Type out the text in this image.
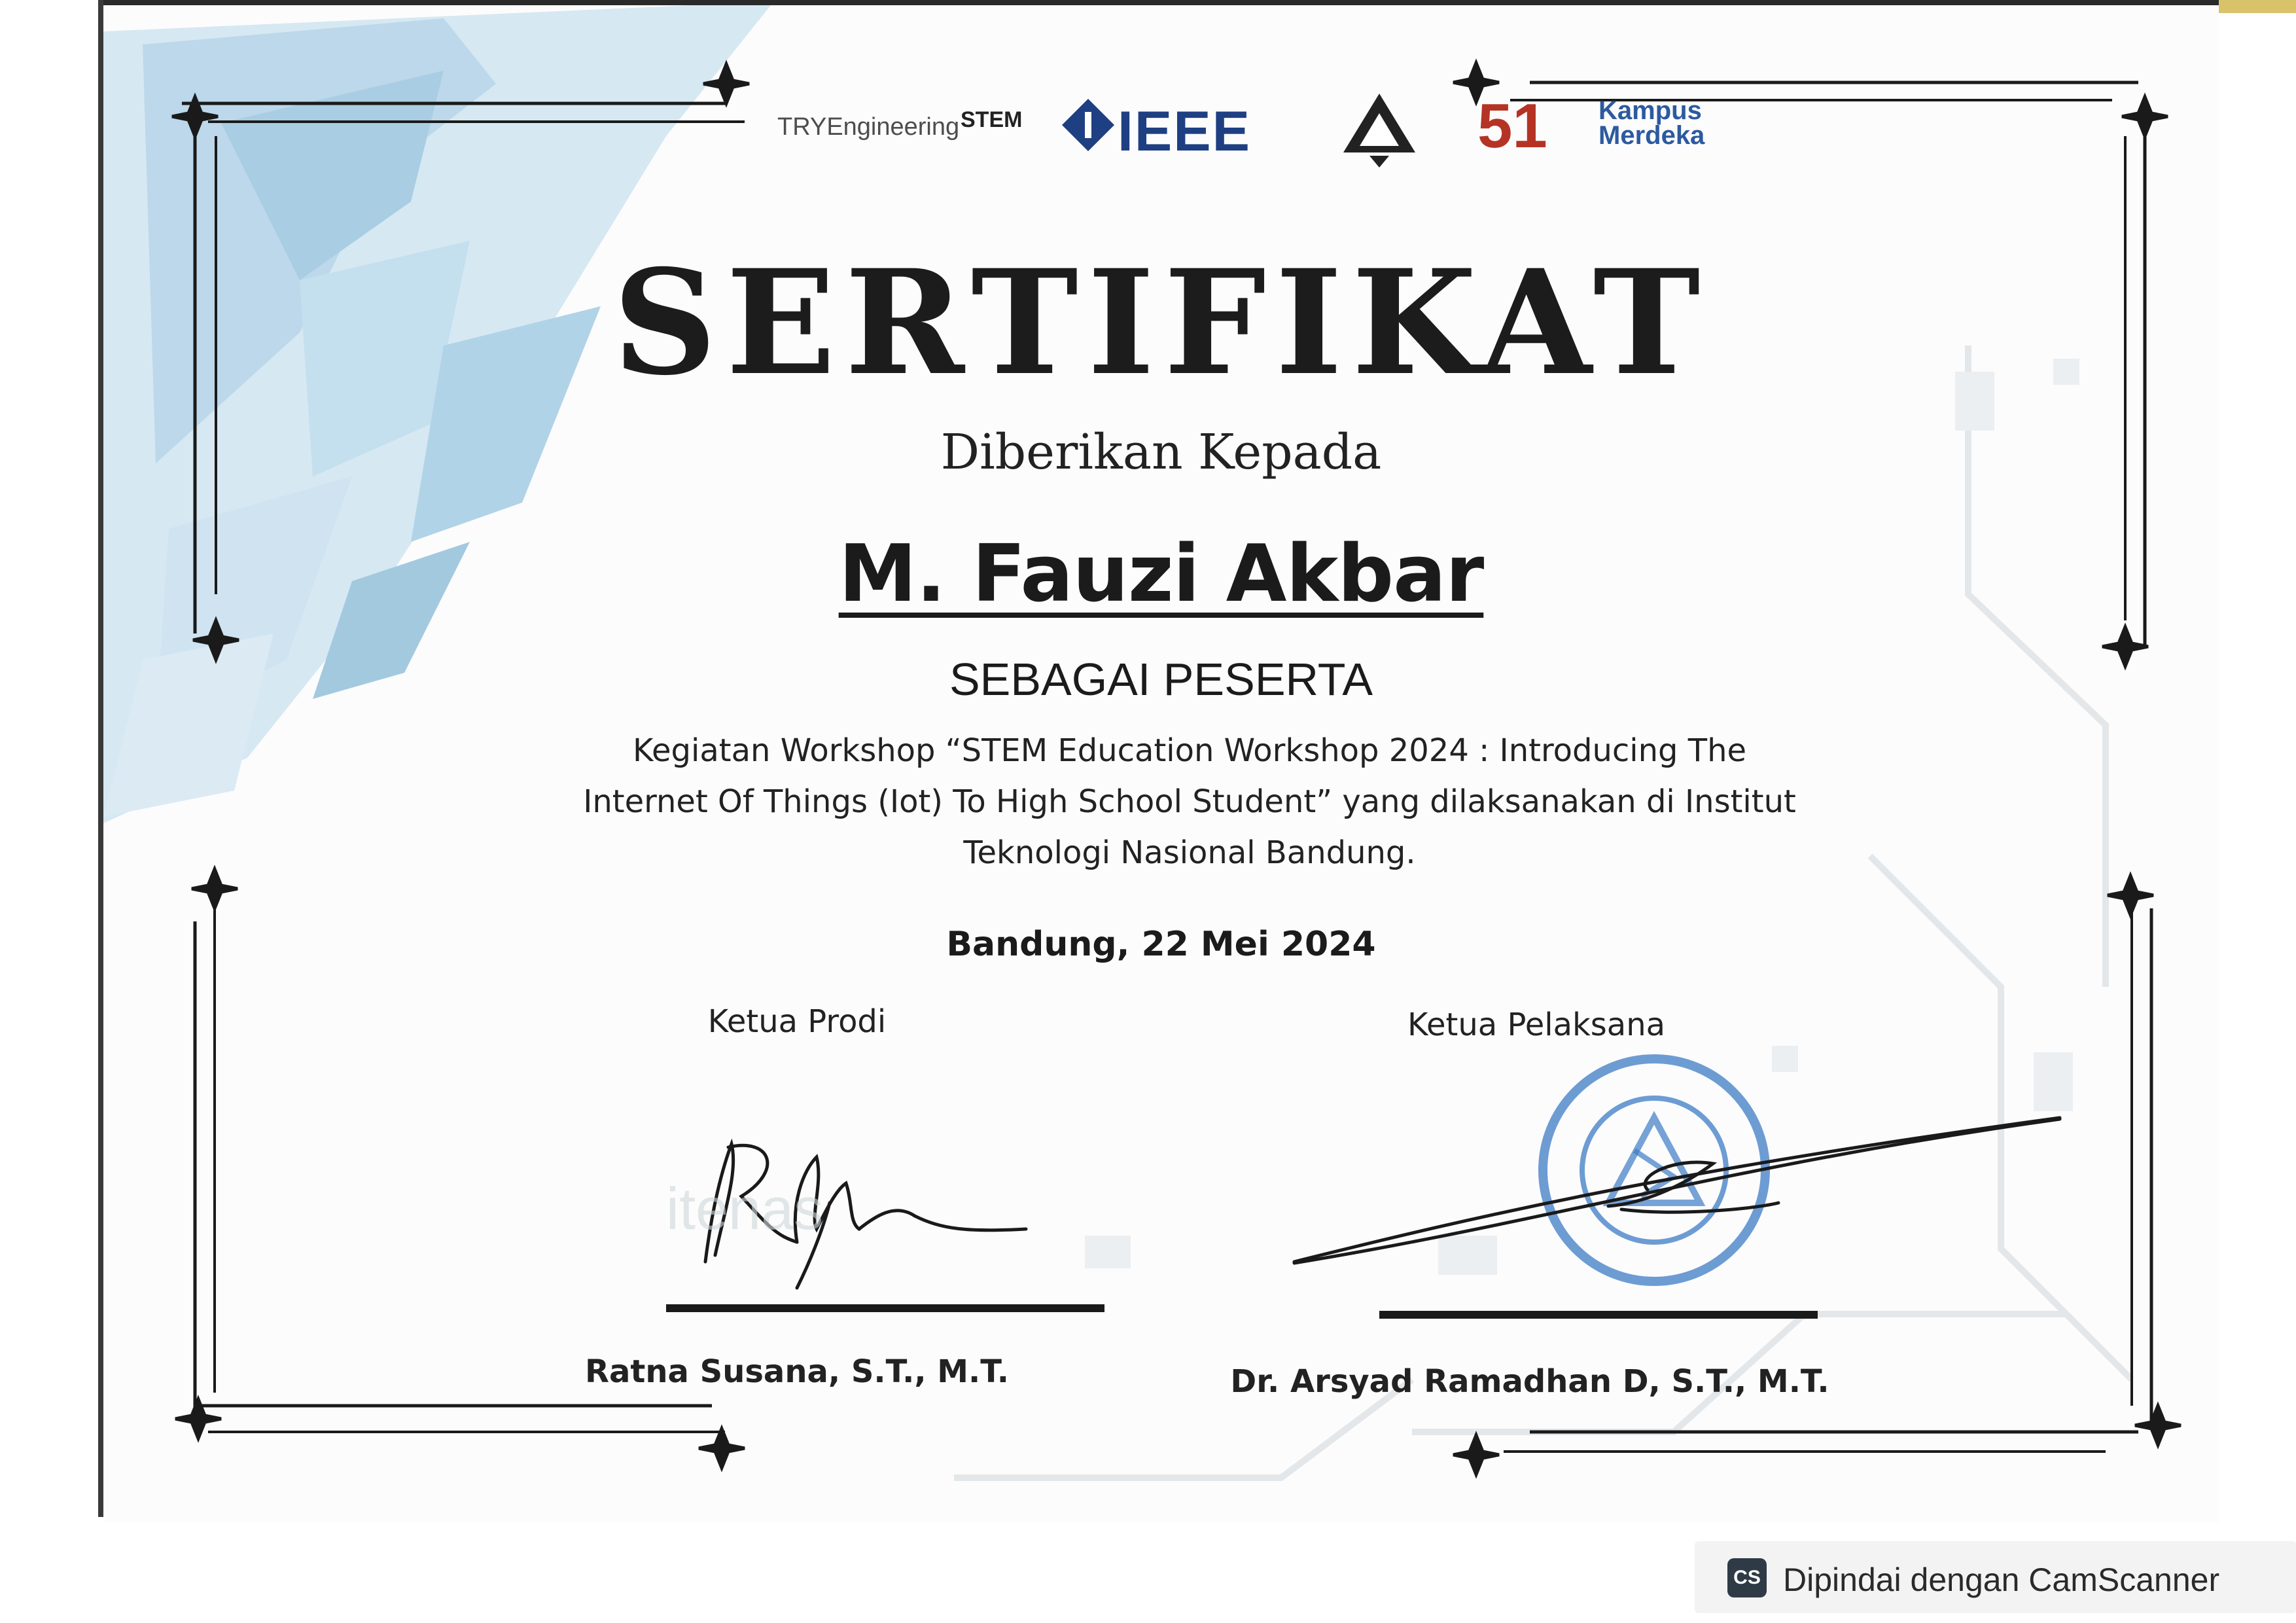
TRYEngineering STEM IEEE	51 Kampus Merdeka
SERTIFIKAT
Diberikan Kepada
M. Fauzi Akbar
SEBAGAI PESERTA
Kegiatan Workshop “STEM Education Workshop 2024 : Introducing The
Internet Of Things (Iot) To High School Student” yang dilaksanakan di Institut
Teknologi Nasional Bandung.
Bandung, 22 Mei 2024
Ketua Prodi
itenas
Ratna Susana, S.T., M.T.
Ketua Pelaksana
Dr. Arsyad Ramadhan D, S.T., M.T.
CS Dipindai dengan CamScanner
